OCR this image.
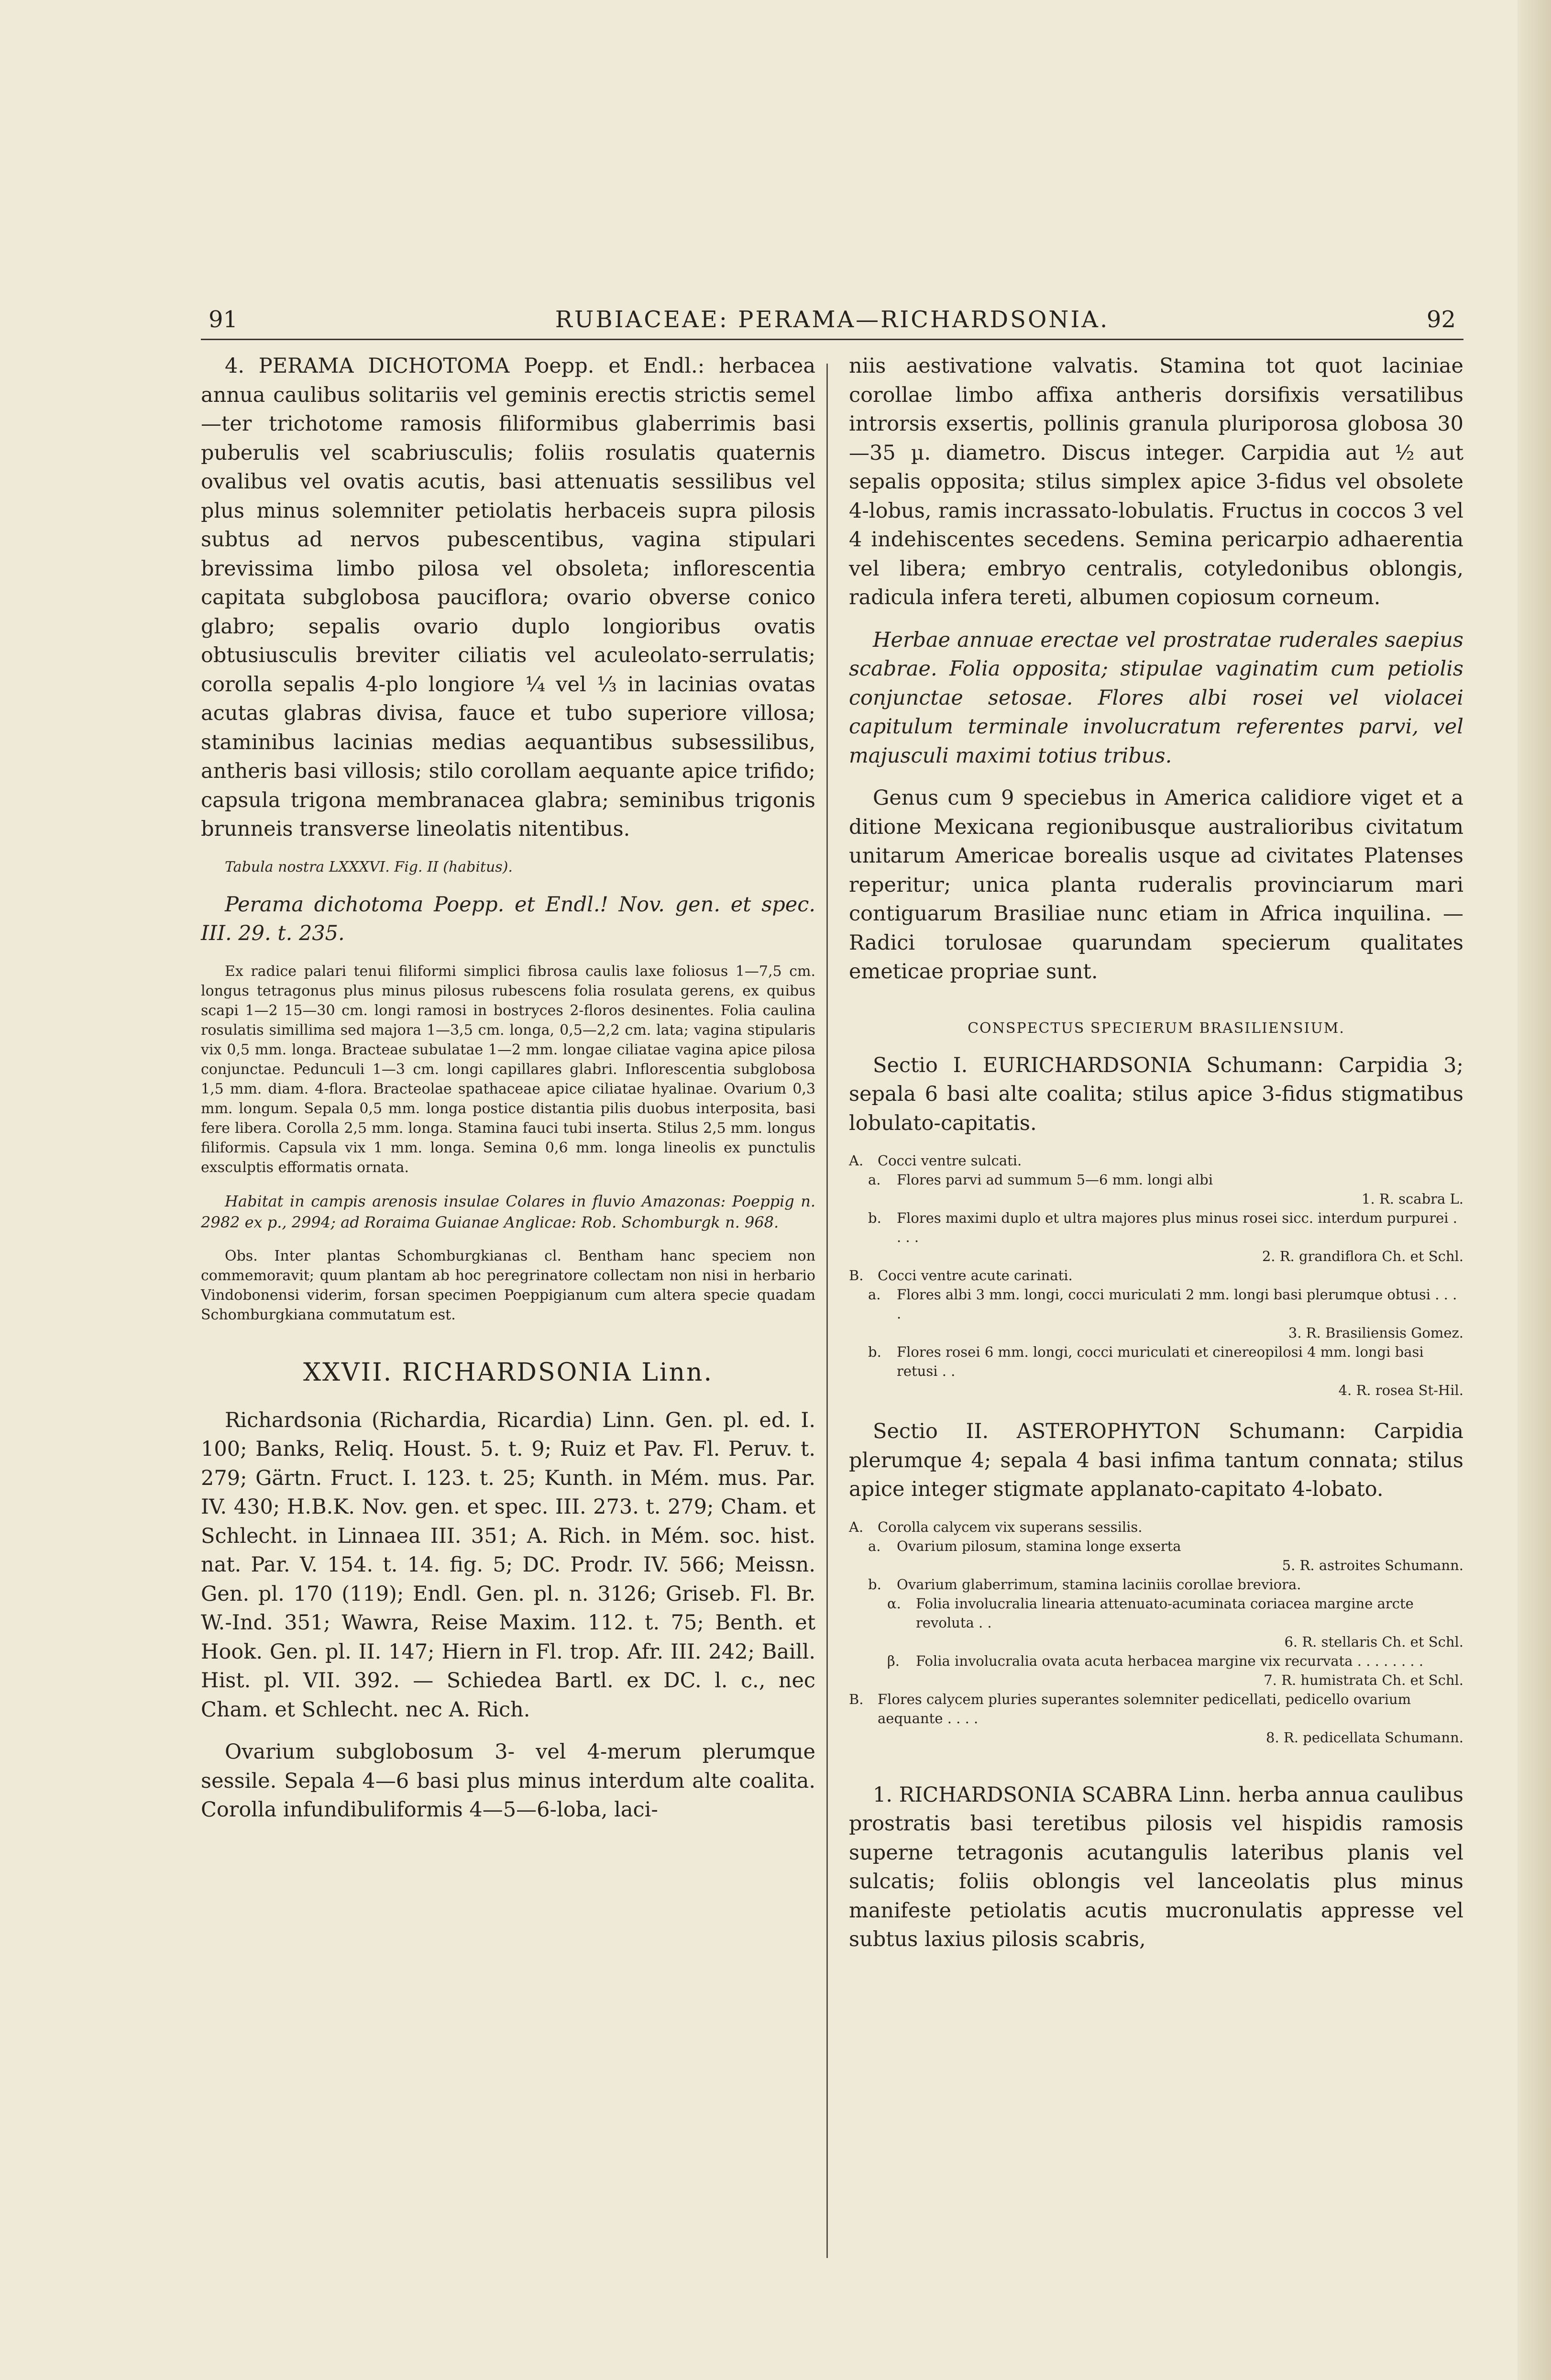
91	RUBIACEAE: PERAMA—RICHARDSONIA.	92

4. PERAMA DICHOTOMA Poepp. et Endl.: herbacea annua caulibus solitariis vel geminis erectis strictis semel—ter trichotome ramosis filiformibus glaberrimis basi puberulis vel scabriusculis; foliis rosulatis quaternis ovalibus vel ovatis acutis, basi attenuatis sessilibus vel plus minus solemniter petiolatis herbaceis supra pilosis subtus ad nervos pubescentibus, vagina stipulari brevissima limbo pilosa vel obsoleta; inflorescentia capitata subglobosa pauciflora; ovario obverse conico glabro; sepalis ovario duplo longioribus ovatis obtusiusculis breviter ciliatis vel aculeolato-serrulatis; corolla sepalis 4-plo longiore ¼ vel ⅓ in lacinias ovatas acutas glabras divisa, fauce et tubo superiore villosa; staminibus lacinias medias aequantibus subsessilibus, antheris basi villosis; stilo corollam aequante apice trifido; capsula trigona membranacea glabra; seminibus trigonis brunneis transverse lineolatis nitentibus.

Tabula nostra LXXXVI. Fig. II (habitus).

Perama dichotoma Poepp. et Endl.! Nov. gen. et spec. III. 29. t. 235.

Ex radice palari tenui filiformi simplici fibrosa caulis laxe foliosus 1—7,5 cm. longus tetragonus plus minus pilosus rubescens folia rosulata gerens, ex quibus scapi 1—2 15—30 cm. longi ramosi in bostryces 2-floros desinentes. Folia caulina rosulatis simillima sed majora 1—3,5 cm. longa, 0,5—2,2 cm. lata; vagina stipularis vix 0,5 mm. longa. Bracteae subulatae 1—2 mm. longae ciliatae vagina apice pilosa conjunctae. Pedunculi 1—3 cm. longi capillares glabri. Inflorescentia subglobosa 1,5 mm. diam. 4-flora. Bracteolae spathaceae apice ciliatae hyalinae. Ovarium 0,3 mm. longum. Sepala 0,5 mm. longa postice distantia pilis duobus interposita, basi fere libera. Corolla 2,5 mm. longa. Stamina fauci tubi inserta. Stilus 2,5 mm. longus filiformis. Capsula vix 1 mm. longa. Semina 0,6 mm. longa lineolis ex punctulis exsculptis efformatis ornata.

Habitat in campis arenosis insulae Colares in fluvio Amazonas: Poeppig n. 2982 ex p., 2994; ad Roraima Guianae Anglicae: Rob. Schomburgk n. 968.

Obs. Inter plantas Schomburgkianas cl. Bentham hanc speciem non commemoravit; quum plantam ab hoc peregrinatore collectam non nisi in herbario Vindobonensi viderim, forsan specimen Poeppigianum cum altera specie quadam Schomburgkiana commutatum est.

XXVII. RICHARDSONIA Linn.

Richardsonia (Richardia, Ricardia) Linn. Gen. pl. ed. I. 100; Banks, Reliq. Houst. 5. t. 9; Ruiz et Pav. Fl. Peruv. t. 279; Gärtn. Fruct. I. 123. t. 25; Kunth. in Mém. mus. Par. IV. 430; H.B.K. Nov. gen. et spec. III. 273. t. 279; Cham. et Schlecht. in Linnaea III. 351; A. Rich. in Mém. soc. hist. nat. Par. V. 154. t. 14. fig. 5; DC. Prodr. IV. 566; Meissn. Gen. pl. 170 (119); Endl. Gen. pl. n. 3126; Griseb. Fl. Br. W.-Ind. 351; Wawra, Reise Maxim. 112. t. 75; Benth. et Hook. Gen. pl. II. 147; Hiern in Fl. trop. Afr. III. 242; Baill. Hist. pl. VII. 392. — Schiedea Bartl. ex DC. l. c., nec Cham. et Schlecht. nec A. Rich.

Ovarium subglobosum 3- vel 4-merum plerumque sessile. Sepala 4—6 basi plus minus interdum alte coalita. Corolla infundibuliformis 4—5—6-loba, laci-

niis aestivatione valvatis. Stamina tot quot laciniae corollae limbo affixa antheris dorsifixis versatilibus introrsis exsertis, pollinis granula pluriporosa globosa 30—35 µ. diametro. Discus integer. Carpidia aut ½ aut sepalis opposita; stilus simplex apice 3-fidus vel obsolete 4-lobus, ramis incrassato-lobulatis. Fructus in coccos 3 vel 4 indehiscentes secedens. Semina pericarpio adhaerentia vel libera; embryo centralis, cotyledonibus oblongis, radicula infera tereti, albumen copiosum corneum.

Herbae annuae erectae vel prostratae ruderales saepius scabrae. Folia opposita; stipulae vaginatim cum petiolis conjunctae setosae. Flores albi rosei vel violacei capitulum terminale involucratum referentes parvi, vel majusculi maximi totius tribus.

Genus cum 9 speciebus in America calidiore viget et a ditione Mexicana regionibusque australioribus civitatum unitarum Americae borealis usque ad civitates Platenses reperitur; unica planta ruderalis provinciarum mari contiguarum Brasiliae nunc etiam in Africa inquilina. — Radici torulosae quarundam specierum qualitates emeticae propriae sunt.

CONSPECTUS SPECIERUM BRASILIENSIUM.

Sectio I. EURICHARDSONIA Schumann: Carpidia 3; sepala 6 basi alte coalita; stilus apice 3-fidus stigmatibus lobulato-capitatis.

A.	Cocci ventre sulcati.
a.	Flores parvi ad summum 5—6 mm. longi albi
1. R. scabra L.
b.	Flores maximi duplo et ultra majores plus minus rosei sicc. interdum purpurei . . . .
2. R. grandiflora Ch. et Schl.
B.	Cocci ventre acute carinati.
a.	Flores albi 3 mm. longi, cocci muriculati 2 mm. longi basi plerumque obtusi . . . .
3. R. Brasiliensis Gomez.
b.	Flores rosei 6 mm. longi, cocci muriculati et cinereopilosi 4 mm. longi basi retusi . .
4. R. rosea St-Hil.

Sectio II. ASTEROPHYTON Schumann: Carpidia plerumque 4; sepala 4 basi infima tantum connata; stilus apice integer stigmate applanato-capitato 4-lobato.

A.	Corolla calycem vix superans sessilis.
a.	Ovarium pilosum, stamina longe exserta
5. R. astroites Schumann.
b.	Ovarium glaberrimum, stamina laciniis corollae breviora.
α.	Folia involucralia linearia attenuato-acuminata coriacea margine arcte revoluta . .
6. R. stellaris Ch. et Schl.
β.	Folia involucralia ovata acuta herbacea margine vix recurvata . . . . . . . .
7. R. humistrata Ch. et Schl.
B.	Flores calycem pluries superantes solemniter pedicellati, pedicello ovarium aequante . . . .
8. R. pedicellata Schumann.

1. RICHARDSONIA SCABRA Linn. herba annua caulibus prostratis basi teretibus pilosis vel hispidis ramosis superne tetragonis acutangulis lateribus planis vel sulcatis; foliis oblongis vel lanceolatis plus minus manifeste petiolatis acutis mucronulatis appresse vel subtus laxius pilosis scabris,
